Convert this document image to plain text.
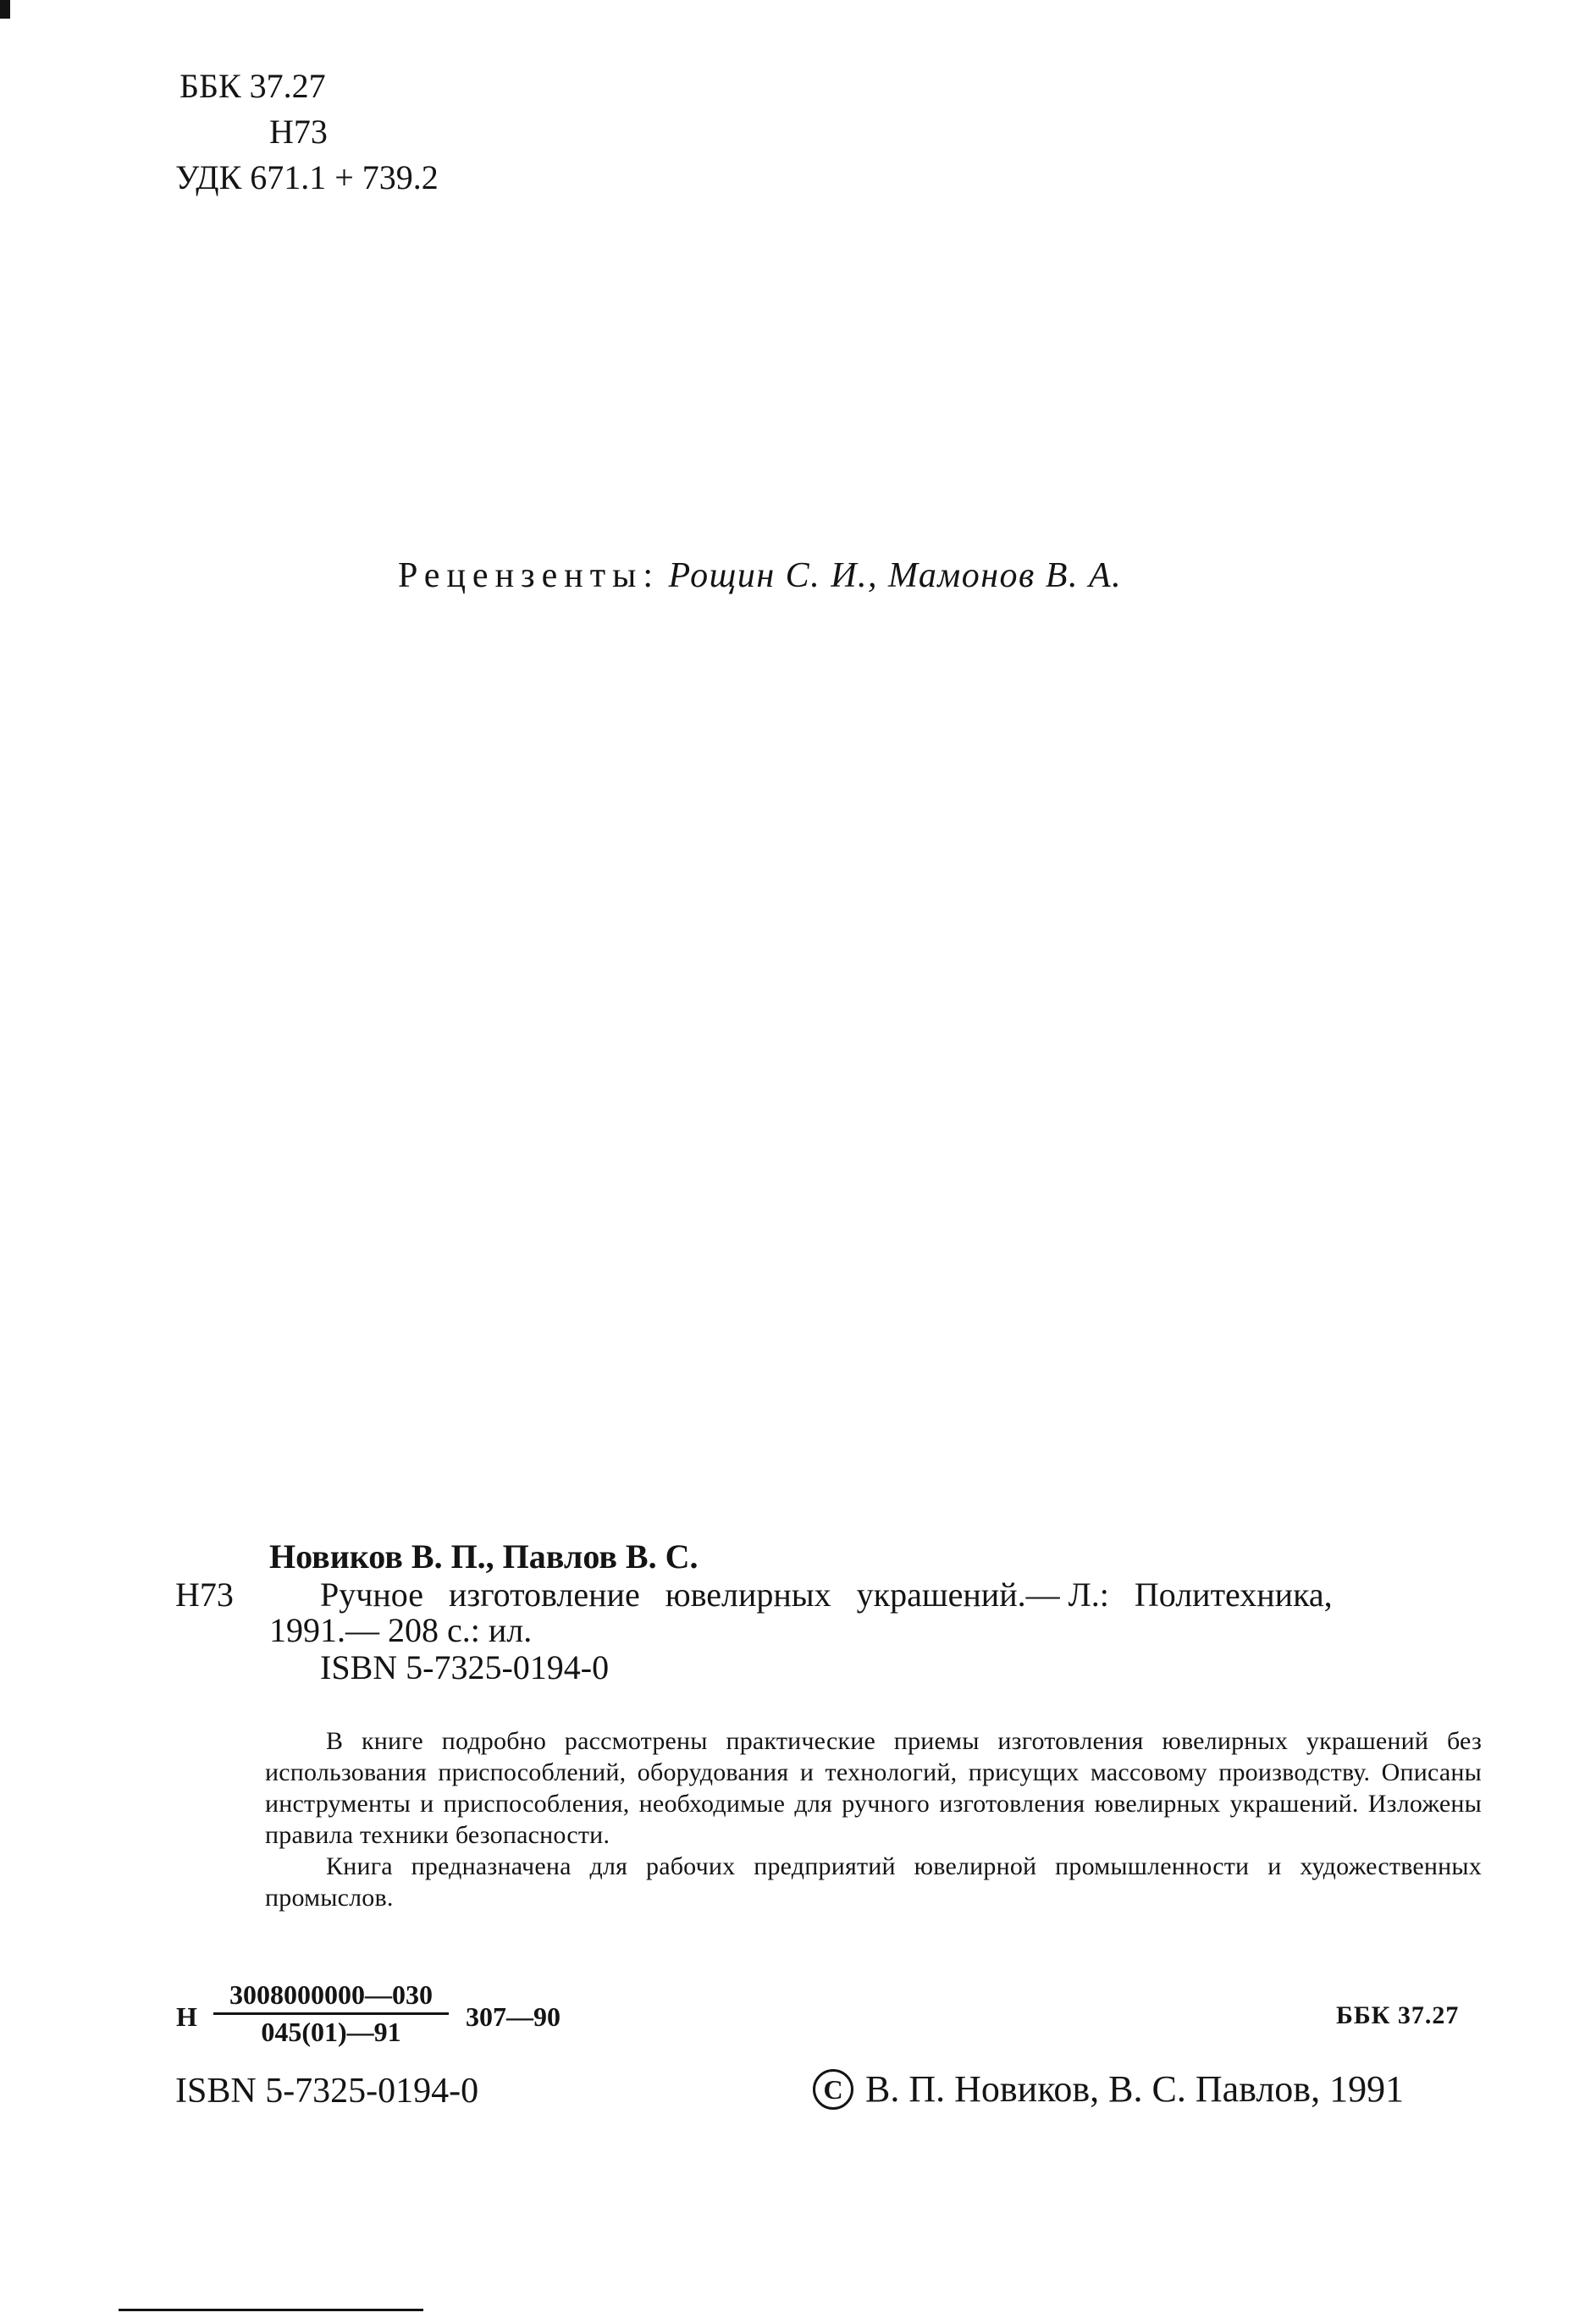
ББК 37.27
Н73
УДК 671.1 + 739.2
Рецензенты: Рощин С. И., Мамонов В. А.
Новиков В. П., Павлов В. С.
Н73	Ручное   изготовление   ювелирных   украшений.— Л.:   Политехника,
1991.— 208 с.: ил.
ISBN 5-7325-0194-0

В книге подробно рассмотрены практические приемы изготовления ювелирных украшений без использования приспособлений, оборудования и технологий, присущих массовому производству. Описаны инструменты и приспособления, необходимые для ручного изготовления ювелирных украшений. Изложены правила техники безопасности.

Книга предназначена для рабочих предприятий ювелирной промышленности и художественных промыслов.

Н $\frac{3008000000—030}{045(01)—91}$ 307—90	ББК 37.27
ISBN 5-7325-0194-0	C В. П. Новиков, В. С. Павлов, 1991
